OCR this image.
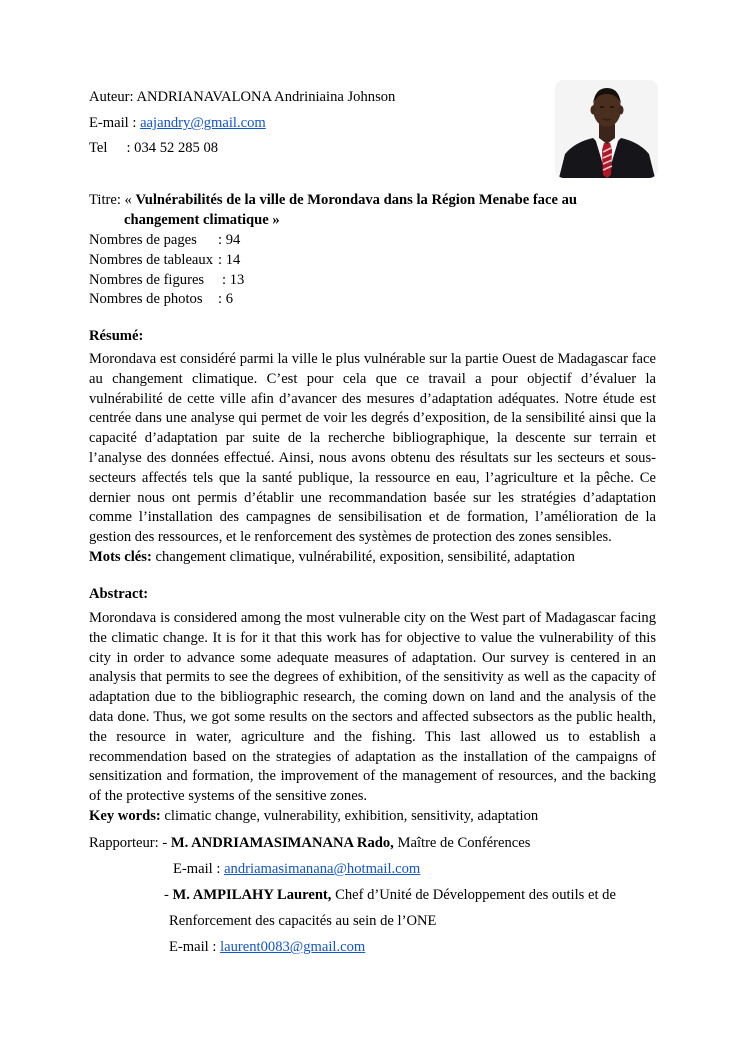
Auteur: ANDRIANAVALONA Andriniaina Johnson
E-mail : aajandry@gmail.com
Tel : 034 52 285 08
Titre: « Vulnérabilités de la ville de Morondava dans la Région Menabe face au
changement climatique »
Nombres de pages : 94
Nombres de tableaux : 14
Nombres de figures : 13
Nombres de photos : 6
Résumé:
Morondava est considéré parmi la ville le plus vulnérable sur la partie Ouest de Madagascar face au changement climatique. C’est pour cela que ce travail a pour objectif d’évaluer la vulnérabilité de cette ville afin d’avancer des mesures d’adaptation adéquates. Notre étude est centrée dans une analyse qui permet de voir les degrés d’exposition, de la sensibilité ainsi que la capacité d’adaptation par suite de la recherche bibliographique, la descente sur terrain et l’analyse des données effectué. Ainsi, nous avons obtenu des résultats sur les secteurs et sous-secteurs affectés tels que la santé publique, la ressource en eau, l’agriculture et la pêche. Ce dernier nous ont permis d’établir une recommandation basée sur les stratégies d’adaptation comme l’installation des campagnes de sensibilisation et de formation, l’amélioration de la gestion des ressources, et le renforcement des systèmes de protection des zones sensibles.

Mots clés: changement climatique, vulnérabilité, exposition, sensibilité, adaptation
Abstract:
Morondava is considered among the most vulnerable city on the West part of Madagascar facing the climatic change. It is for it that this work has for objective to value the vulnerability of this city in order to advance some adequate measures of adaptation. Our survey is centered in an analysis that permits to see the degrees of exhibition, of the sensitivity as well as the capacity of adaptation due to the bibliographic research, the coming down on land and the analysis of the data done. Thus, we got some results on the sectors and affected subsectors as the public health, the resource in water, agriculture and the fishing. This last allowed us to establish a recommendation based on the strategies of adaptation as the installation of the campaigns of sensitization and formation, the improvement of the management of resources, and the backing of the protective systems of the sensitive zones.

Key words: climatic change, vulnerability, exhibition, sensitivity, adaptation
Rapporteur: - M. ANDRIAMASIMANANA Rado, Maître de Conférences
E-mail : andriamasimanana@hotmail.com
- M. AMPILAHY Laurent, Chef d’Unité de Développement des outils et de
Renforcement des capacités au sein de l’ONE
E-mail : laurent0083@gmail.com
